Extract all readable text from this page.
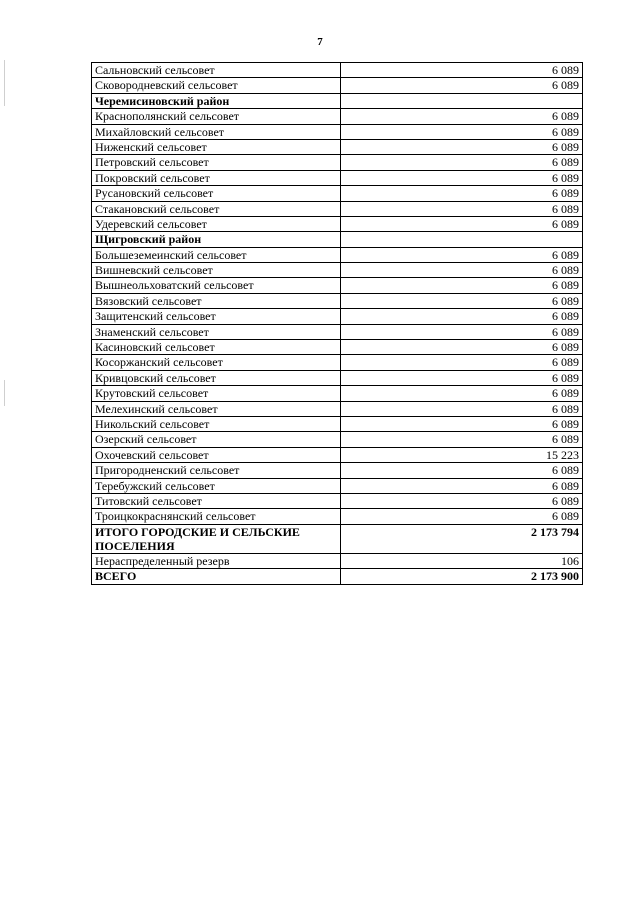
7
Сальновский сельсовет	6 089
Сковородневский сельсовет	6 089
Черемисиновский район	
Краснополянский сельсовет	6 089
Михайловский сельсовет	6 089
Ниженский сельсовет	6 089
Петровский сельсовет	6 089
Покровский сельсовет	6 089
Русановский сельсовет	6 089
Стакановский сельсовет	6 089
Удеревский сельсовет	6 089
Щигровский район	
Большеземеинский сельсовет	6 089
Вишневский сельсовет	6 089
Вышнеольховатский сельсовет	6 089
Вязовский сельсовет	6 089
Защитенский сельсовет	6 089
Знаменский сельсовет	6 089
Касиновский сельсовет	6 089
Косоржанский сельсовет	6 089
Кривцовский сельсовет	6 089
Крутовский сельсовет	6 089
Мелехинский сельсовет	6 089
Никольский сельсовет	6 089
Озерский сельсовет	6 089
Охочевский сельсовет	15 223
Пригородненский сельсовет	6 089
Теребужский сельсовет	6 089
Титовский сельсовет	6 089
Троицкокраснянский сельсовет	6 089
ИТОГО ГОРОДСКИЕ И СЕЛЬСКИЕ ПОСЕЛЕНИЯ	2 173 794
Нераспределенный резерв	106
ВСЕГО	2 173 900
